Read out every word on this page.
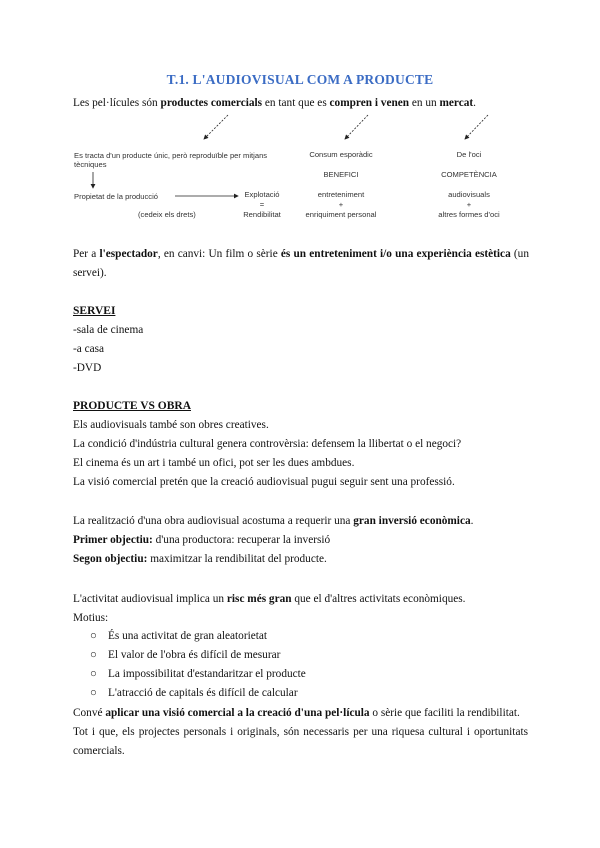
T.1. L'AUDIOVISUAL COM A PRODUCTE
Les pel·lícules són productes comercials en tant que es compren i venen en un mercat.
Es tracta d'un producte únic, però reproduïble per mitjans
tècniques
Propietat de la producció	Explotació
=
Rendibilitat
(cedeix els drets)
Consum esporàdic
BENEFICI
entreteniment
+
enriquiment personal
De l'oci
COMPETÈNCIA
audiovisuals
+
altres formes d'oci
Per a l'espectador, en canvi: Un film o sèrie és un entreteniment i/o una experiència estètica (un
servei).
SERVEI
-sala de cinema
-a casa
-DVD
PRODUCTE VS OBRA
Els audiovisuals també son obres creatives.
La condició d'indústria cultural genera controvèrsia: defensem la llibertat o el negoci?
El cinema és un art i també un ofici, pot ser les dues ambdues.
La visió comercial pretén que la creació audiovisual pugui seguir sent una professió.
La realització d'una obra audiovisual acostuma a requerir una gran inversió econòmica.
Primer objectiu: d'una productora: recuperar la inversió
Segon objectiu: maximitzar la rendibilitat del producte.
L'activitat audiovisual implica un risc més gran que el d'altres activitats econòmiques.
Motius:
○ És una activitat de gran aleatorietat
○ El valor de l'obra és difícil de mesurar
○ La impossibilitat d'estandaritzar el producte
○ L'atracció de capitals és difícil de calcular
Convé aplicar una visió comercial a la creació d'una pel·lícula o sèrie que faciliti la rendibilitat.
Tot i que, els projectes personals i originals, són necessaris per una riquesa cultural i oportunitats
comercials.
